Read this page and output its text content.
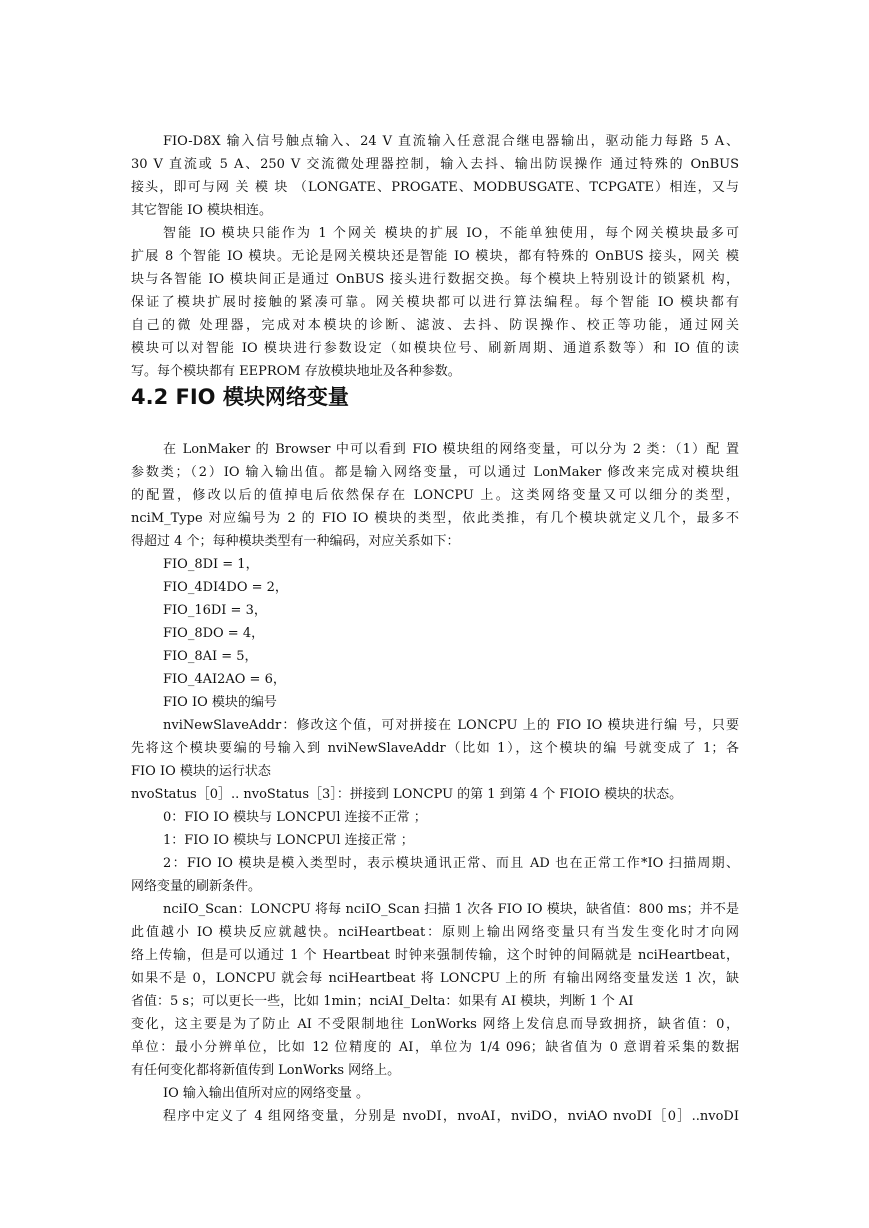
FIO-D8X 输入信号触点输入、24 V 直流输入任意混合继电器输出，驱动能力每路 5 A、

30 V 直流或 5 A、250 V 交流微处理器控制，输入去抖、输出防误操作 通过特殊的 OnBUS

接头，即可与网 关 模 块 （LONGATE、PROGATE、MODBUSGATE、TCPGATE）相连，又与

其它智能 IO 模块相连。

智能 IO 模块只能作为 1 个网关 模块的扩展 IO，不能单独使用，每个网关模块最多可

扩展 8 个智能 IO 模块。无论是网关模块还是智能 IO 模块，都有特殊的 OnBUS 接头，网关 模

块与各智能 IO 模块间正是通过 OnBUS 接头进行数据交换。每个模块上特别设计的锁紧机 构，

保证了模块扩展时接触的紧凑可靠。网关模块都可以进行算法编程。每个智能 IO 模块都有

自己的微 处理器，完成对本模块的诊断、滤波、去抖、防误操作、校正等功能，通过网关

模块可以对智能 IO 模块进行参数设定（如模块位号、刷新周期、通道系数等）和 IO 值的读

写。每个模块都有 EEPROM 存放模块地址及各种参数。

4.2 FIO 模块网络变量

在 LonMaker 的 Browser 中可以看到 FIO 模块组的网络变量，可以分为 2 类：（1）配 置

参数类；（2）IO 输入输出值。都是输入网络变量，可以通过 LonMaker 修改来完成对模块组

的配置，修改以后的值掉电后依然保存在 LONCPU 上。这类网络变量又可以细分的类型，

nciM_Type 对应编号为 2 的 FIO IO 模块的类型，依此类推，有几个模块就定义几个，最多不

得超过 4 个；每种模块类型有一种编码，对应关系如下：

FIO_8DI = 1，

FIO_4DI4DO = 2，

FIO_16DI = 3，

FIO_8DO = 4，

FIO_8AI = 5，

FIO_4AI2AO = 6，

FIO IO 模块的编号

nviNewSlaveAddr：修改这个值，可对拼接在 LONCPU 上的 FIO IO 模块进行编 号，只要

先将这个模块要编的号输入到 nviNewSlaveAddr（比如 1），这个模块的编 号就变成了 1；各

FIO IO 模块的运行状态

nvoStatus［0］.. nvoStatus［3］：拼接到 LONCPU 的第 1 到第 4 个 FIOIO 模块的状态。

0：FIO IO 模块与 LONCPUl 连接不正常 ；

1：FIO IO 模块与 LONCPUl 连接正常 ；

2：FIO IO 模块是模入类型时，表示模块通讯正常、而且 AD 也在正常工作*IO 扫描周期、

网络变量的刷新条件。

nciIO_Scan：LONCPU 将每 nciIO_Scan 扫描 1 次各 FIO IO 模块，缺省值：800 ms；并不是

此值越小 IO 模块反应就越快。nciHeartbeat：原则上输出网络变量只有当发生变化时才向网

络上传输，但是可以通过 1 个 Heartbeat 时钟来强制传输，这个时钟的间隔就是 nciHeartbeat，

如果不是 0，LONCPU 就会每 nciHeartbeat 将 LONCPU 上的所 有输出网络变量发送 1 次，缺

省值：5 s；可以更长一些，比如 1min；nciAI_Delta：如果有 AI 模块，判断 1 个 AI

变化，这主要是为了防止 AI 不受限制地往 LonWorks 网络上发信息而导致拥挤，缺省值：0，

单位：最小分辨单位，比如 12 位精度的 AI，单位为 1/4 096；缺省值为 0 意谓着采集的数据

有任何变化都将新值传到 LonWorks 网络上。

IO 输入输出值所对应的网络变量 。

程序中定义了 4 组网络变量，分别是 nvoDI，nvoAI，nviDO，nviAO nvoDI［0］..nvoDI
